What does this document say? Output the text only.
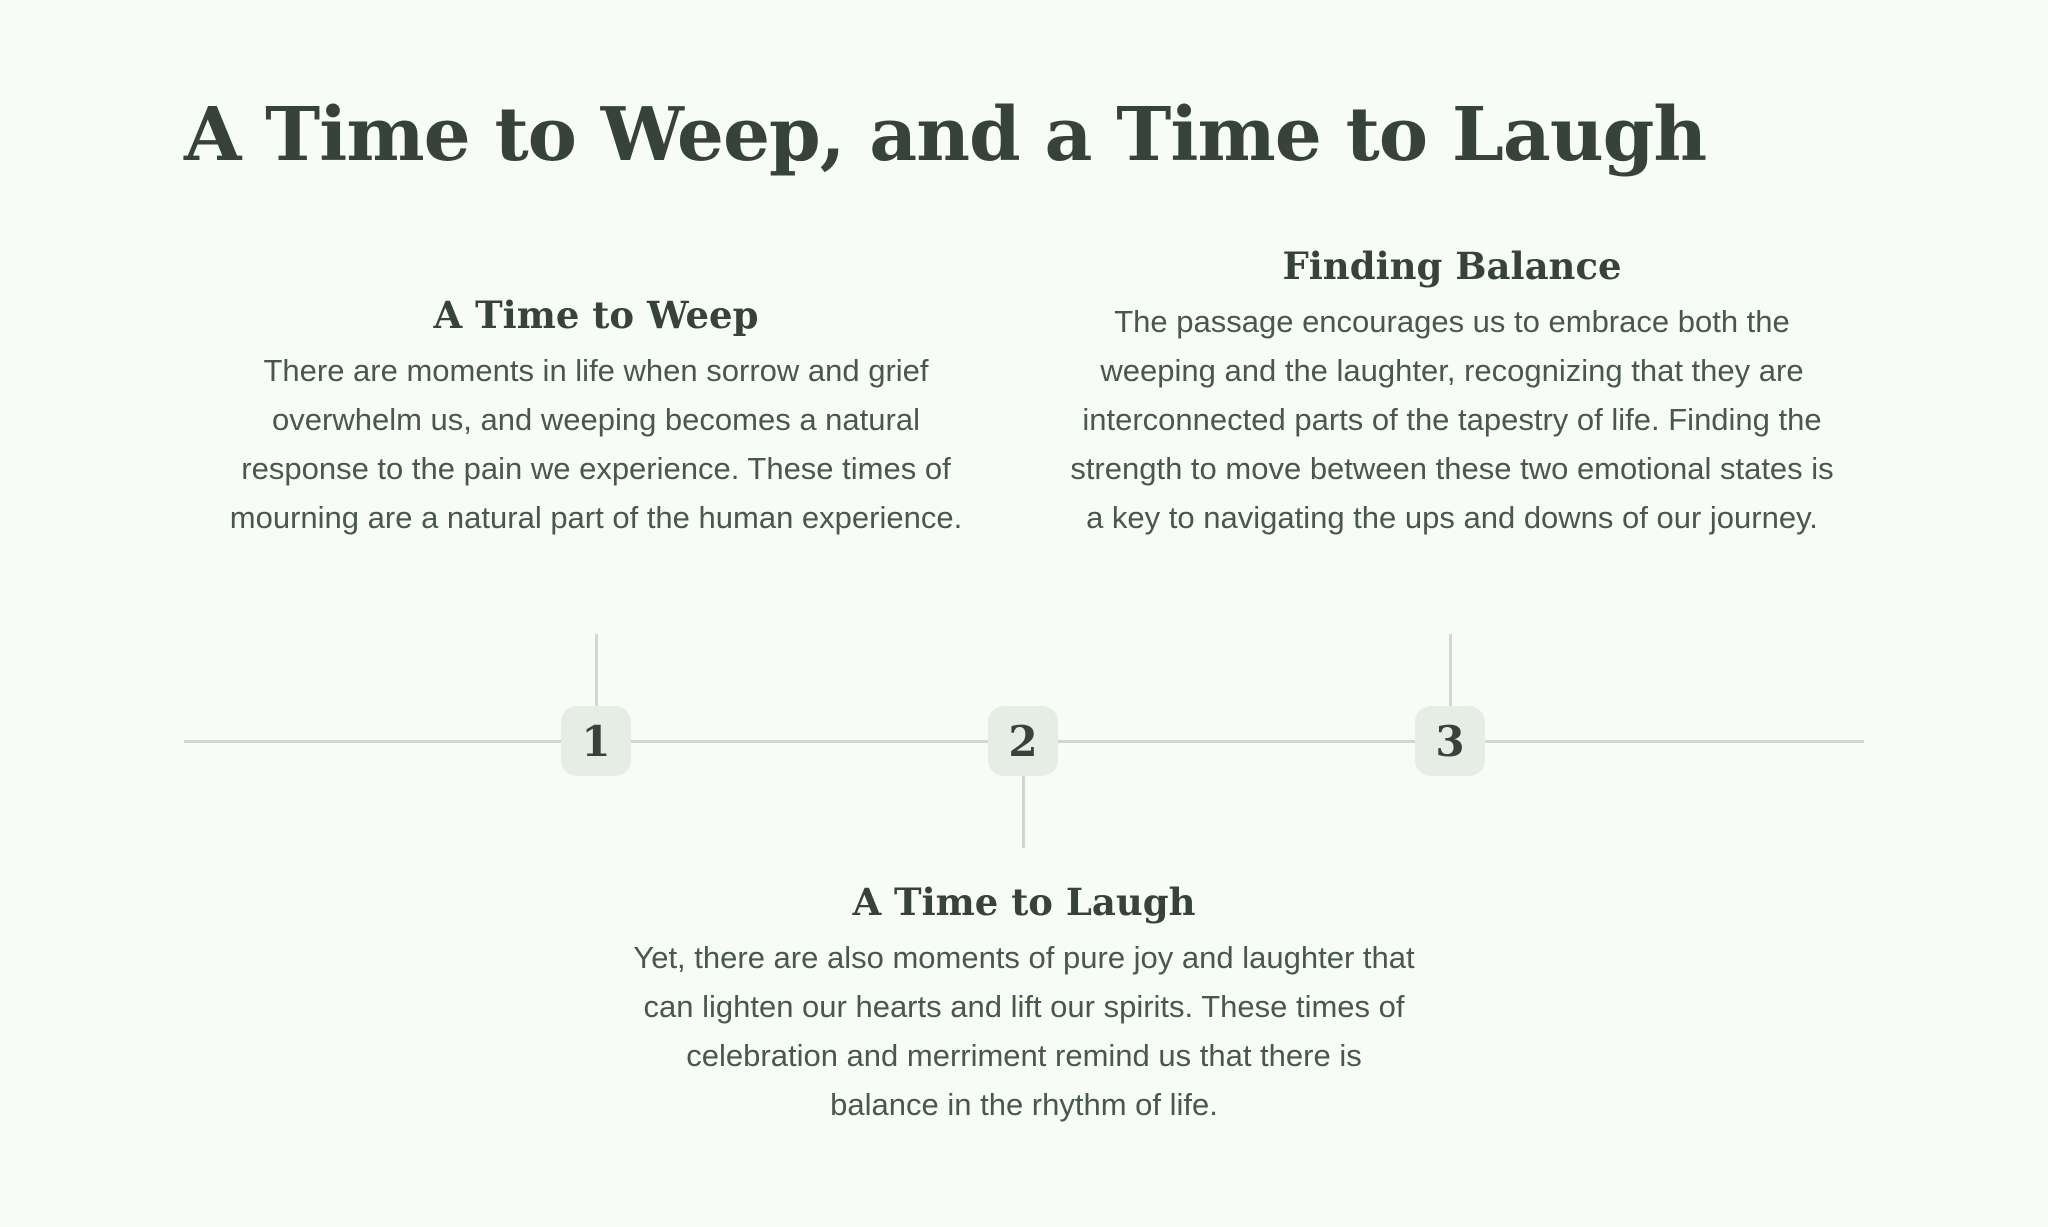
A Time to Weep, and a Time to Laugh
A Time to Weep

There are moments in life when sorrow and grief overwhelm us, and weeping becomes a natural response to the pain we experience. These times of mourning are a natural part of the human experience.

Finding Balance

The passage encourages us to embrace both the weeping and the laughter, recognizing that they are interconnected parts of the tapestry of life. Finding the strength to move between these two emotional states is a key to navigating the ups and downs of our journey.

1	2	3
A Time to Laugh

Yet, there are also moments of pure joy and laughter that can lighten our hearts and lift our spirits. These times of celebration and merriment remind us that there is balance in the rhythm of life.
